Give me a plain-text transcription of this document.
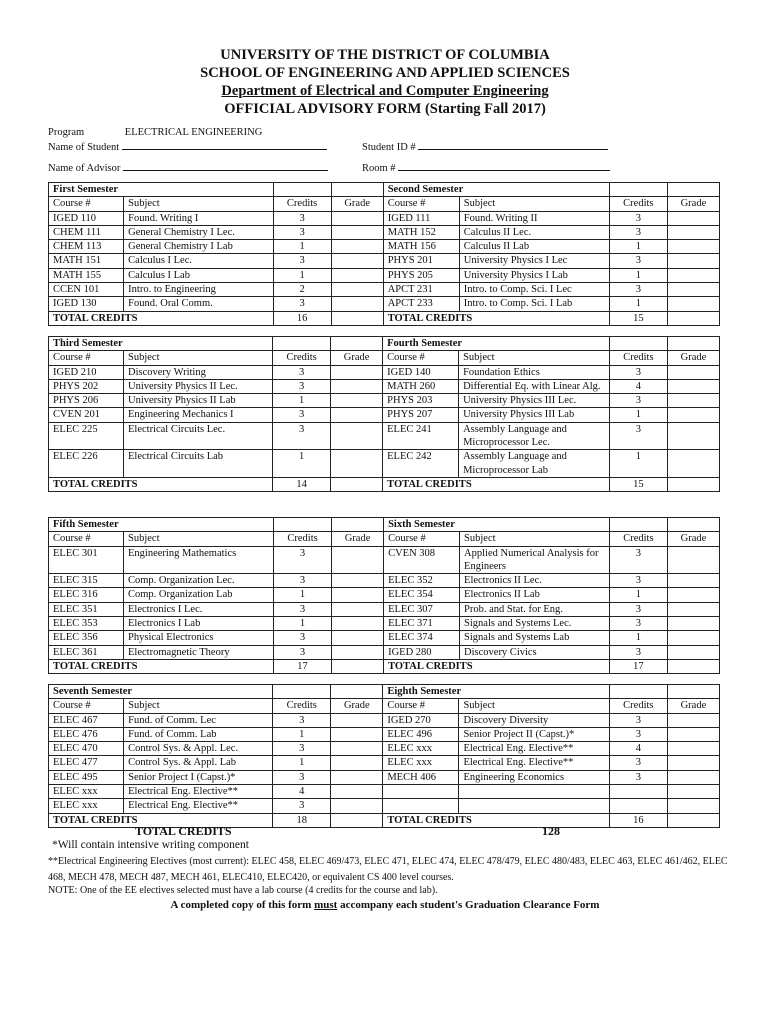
UNIVERSITY OF THE DISTRICT OF COLUMBIA
SCHOOL OF ENGINEERING AND APPLIED SCIENCES
Department of Electrical and Computer Engineering
OFFICIAL ADVISORY FORM (Starting Fall 2017)
Program	ELECTRICAL ENGINEERING
Name of Student	Student ID #
Name of Advisor	Room #
First Semester				Second Semester			
Course #	Subject	Credits	Grade	Course #	Subject	Credits	Grade
IGED 110	Found. Writing I	3		IGED 111	Found. Writing II	3	
CHEM 111	General Chemistry I Lec.	3		MATH 152	Calculus II Lec.	3	
CHEM 113	General Chemistry I Lab	1		MATH 156	Calculus II Lab	1	
MATH 151	Calculus I Lec.	3		PHYS 201	University Physics I Lec	3	
MATH 155	Calculus I Lab	1		PHYS 205	University Physics I Lab	1	
CCEN 101	Intro. to Engineering	2		APCT 231	Intro. to Comp. Sci. I Lec	3	
IGED 130	Found. Oral Comm.	3		APCT 233	Intro. to Comp. Sci. I Lab	1	
TOTAL CREDITS		16		TOTAL CREDITS		15	
Third Semester				Fourth Semester			
Course #	Subject	Credits	Grade	Course #	Subject	Credits	Grade
IGED 210	Discovery Writing	3		IGED 140	Foundation Ethics	3	
PHYS 202	University Physics II Lec.	3		MATH 260	Differential Eq. with Linear Alg.	4	
PHYS 206	University Physics II Lab	1		PHYS 203	University Physics III Lec.	3	
CVEN 201	Engineering Mechanics I	3		PHYS 207	University Physics III Lab	1	
ELEC 225	Electrical Circuits Lec.	3		ELEC 241	Assembly Language and Microprocessor Lec.	3	
ELEC 226	Electrical Circuits Lab	1		ELEC 242	Assembly Language and Microprocessor Lab	1	
TOTAL CREDITS		14		TOTAL CREDITS		15	
Fifth Semester				Sixth Semester			
Course #	Subject	Credits	Grade	Course #	Subject	Credits	Grade
ELEC 301	Engineering Mathematics	3		CVEN 308	Applied Numerical Analysis for Engineers	3	
ELEC 315	Comp. Organization Lec.	3		ELEC 352	Electronics II Lec.	3	
ELEC 316	Comp. Organization Lab	1		ELEC 354	Electronics II Lab	1	
ELEC 351	Electronics I Lec.	3		ELEC 307	Prob. and Stat. for Eng.	3	
ELEC 353	Electronics I Lab	1		ELEC 371	Signals and Systems Lec.	3	
ELEC 356	Physical Electronics	3		ELEC 374	Signals and Systems Lab	1	
ELEC 361	Electromagnetic Theory	3		IGED 280	Discovery Civics	3	
TOTAL CREDITS		17		TOTAL CREDITS		17	
Seventh Semester				Eighth Semester			
Course #	Subject	Credits	Grade	Course #	Subject	Credits	Grade
ELEC 467	Fund. of Comm. Lec	3		IGED 270	Discovery Diversity	3	
ELEC 476	Fund. of Comm. Lab	1		ELEC 496	Senior Project II (Capst.)*	3	
ELEC 470	Control Sys. & Appl. Lec.	3		ELEC xxx	Electrical Eng. Elective**	4	
ELEC 477	Control Sys. & Appl. Lab	1		ELEC xxx	Electrical Eng. Elective**	3	
ELEC 495	Senior Project I (Capst.)*	3		MECH 406	Engineering Economics	3	
ELEC xxx	Electrical Eng. Elective**	4					
ELEC xxx	Electrical Eng. Elective**	3					
TOTAL CREDITS		18		TOTAL CREDITS		16	
TOTAL CREDITS	128
*Will contain intensive writing component
**Electrical Engineering Electives (most current): ELEC 458, ELEC 469/473, ELEC 471, ELEC 474, ELEC 478/479, ELEC 480/483, ELEC 463, ELEC 461/462, ELEC 468, MECH 478, MECH 487, MECH 461, ELEC410, ELEC420, or equivalent CS 400 level courses.
NOTE: One of the EE electives selected must have a lab course (4 credits for the course and lab).
A completed copy of this form must accompany each student's Graduation Clearance Form
